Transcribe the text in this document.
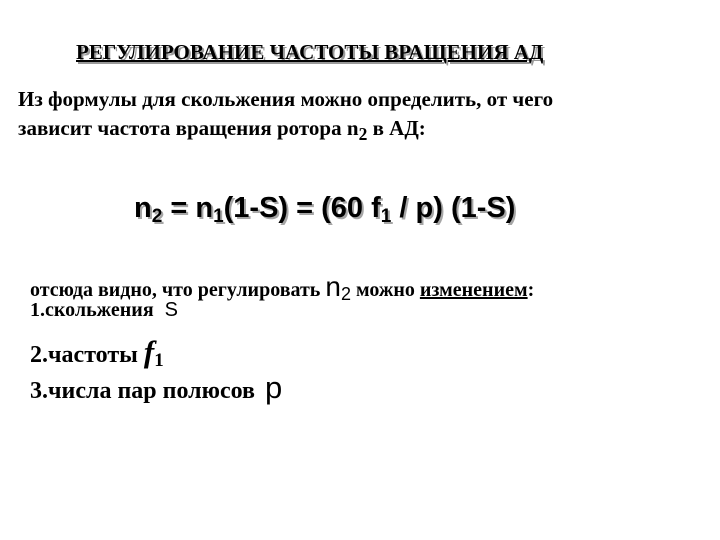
РЕГУЛИРОВАНИЕ ЧАСТОТЫ ВРАЩЕНИЯ АД
Из формулы для скольжения можно определить, от чего
зависит частота вращения ротора $n_2$ в АД:
$n_2 = n_1(1-S) = (60$ $f_1 / p$) (1-S)
отсюда видно, что регулировать $n_2$ можно изменением:
1.скольжения S
2.частоты $f_1$
3.числа пар полюсов p
